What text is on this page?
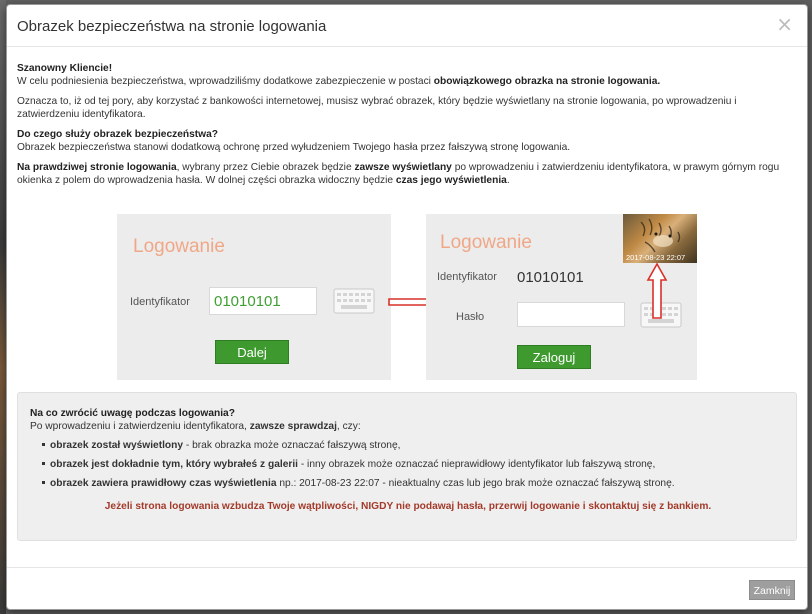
Obrazek bezpieczeństwa na stronie logowania	×
Szanowny Kliencie!
W celu podniesienia bezpieczeństwa, wprowadziliśmy dodatkowe zabezpieczenie w postaci obowiązkowego obrazka na stronie logowania.
Oznacza to, iż od tej pory, aby korzystać z bankowości internetowej, musisz wybrać obrazek, który będzie wyświetlany na stronie logowania, po wprowadzeniu i zatwierdzeniu identyfikatora.
Do czego służy obrazek bezpieczeństwa?
Obrazek bezpieczeństwa stanowi dodatkową ochronę przed wyłudzeniem Twojego hasła przez fałszywą stronę logowania.
Na prawdziwej stronie logowania, wybrany przez Ciebie obrazek będzie zawsze wyświetlany po wprowadzeniu i zatwierdzeniu identyfikatora, w prawym górnym rogu okienka z polem do wprowadzenia hasła. W dolnej części obrazka widoczny będzie czas jego wyświetlenia.
Logowanie
Identyfikator 01010101
Dalej
Logowanie
Identyfikator 01010101
Hasło
Zaloguj
2017-08-23 22:07
Na co zwrócić uwagę podczas logowania?
Po wprowadzeniu i zatwierdzeniu identyfikatora, zawsze sprawdzaj, czy:
obrazek został wyświetlony - brak obrazka może oznaczać fałszywą stronę,
obrazek jest dokładnie tym, który wybrałeś z galerii - inny obrazek może oznaczać nieprawidłowy identyfikator lub fałszywą stronę,
obrazek zawiera prawidłowy czas wyświetlenia np.: 2017-08-23 22:07 - nieaktualny czas lub jego brak może oznaczać fałszywą stronę.
Jeżeli strona logowania wzbudza Twoje wątpliwości, NIGDY nie podawaj hasła, przerwij logowanie i skontaktuj się z bankiem.
Zamknij
